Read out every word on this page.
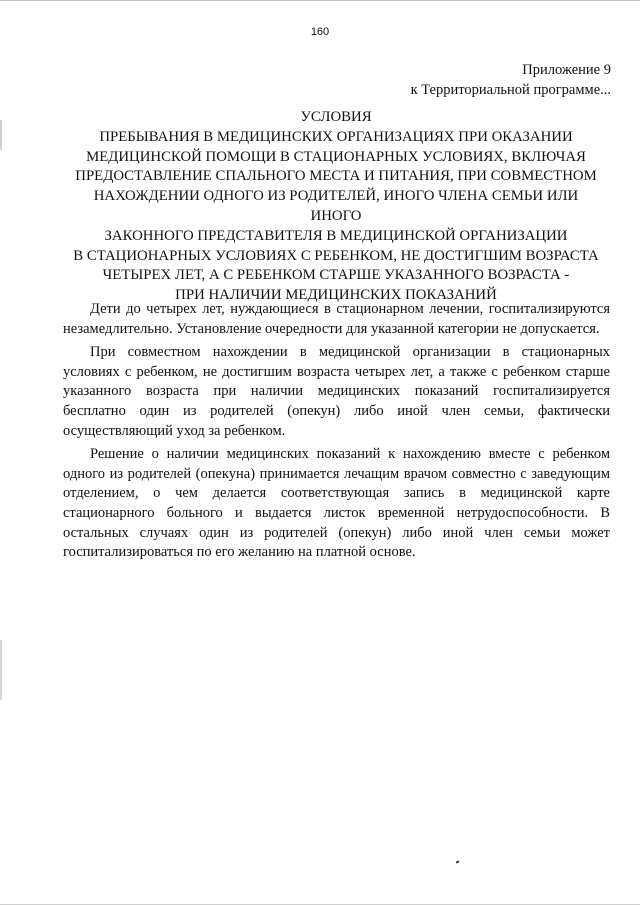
160
Приложение 9
к Территориальной программе...
УСЛОВИЯ
ПРЕБЫВАНИЯ В МЕДИЦИНСКИХ ОРГАНИЗАЦИЯХ ПРИ ОКАЗАНИИ
МЕДИЦИНСКОЙ ПОМОЩИ В СТАЦИОНАРНЫХ УСЛОВИЯХ, ВКЛЮЧАЯ
ПРЕДОСТАВЛЕНИЕ СПАЛЬНОГО МЕСТА И ПИТАНИЯ, ПРИ СОВМЕСТНОМ
НАХОЖДЕНИИ ОДНОГО ИЗ РОДИТЕЛЕЙ, ИНОГО ЧЛЕНА СЕМЬИ ИЛИ
ИНОГО
ЗАКОННОГО ПРЕДСТАВИТЕЛЯ В МЕДИЦИНСКОЙ ОРГАНИЗАЦИИ
В СТАЦИОНАРНЫХ УСЛОВИЯХ С РЕБЕНКОМ, НЕ ДОСТИГШИМ ВОЗРАСТА
ЧЕТЫРЕХ ЛЕТ, А С РЕБЕНКОМ СТАРШЕ УКАЗАННОГО ВОЗРАСТА -
ПРИ НАЛИЧИИ МЕДИЦИНСКИХ ПОКАЗАНИЙ

Дети до четырех лет, нуждающиеся в стационарном лечении, госпитализируются незамедлительно. Установление очередности для указанной категории не допускается.

При совместном нахождении в медицинской организации в стационарных условиях с ребенком, не достигшим возраста четырех лет, а также с ребенком старше указанного возраста при наличии медицинских показаний госпитализируется бесплатно один из родителей (опекун) либо иной член семьи, фактически осуществляющий уход за ребенком.

Решение о наличии медицинских показаний к нахождению вместе с ребенком одного из родителей (опекуна) принимается лечащим врачом совместно с заведующим отделением, о чем делается соответствующая запись в медицинской карте стационарного больного и выдается листок временной нетрудоспособности. В остальных случаях один из родителей (опекун) либо иной член семьи может госпитализироваться по его желанию на платной основе.
